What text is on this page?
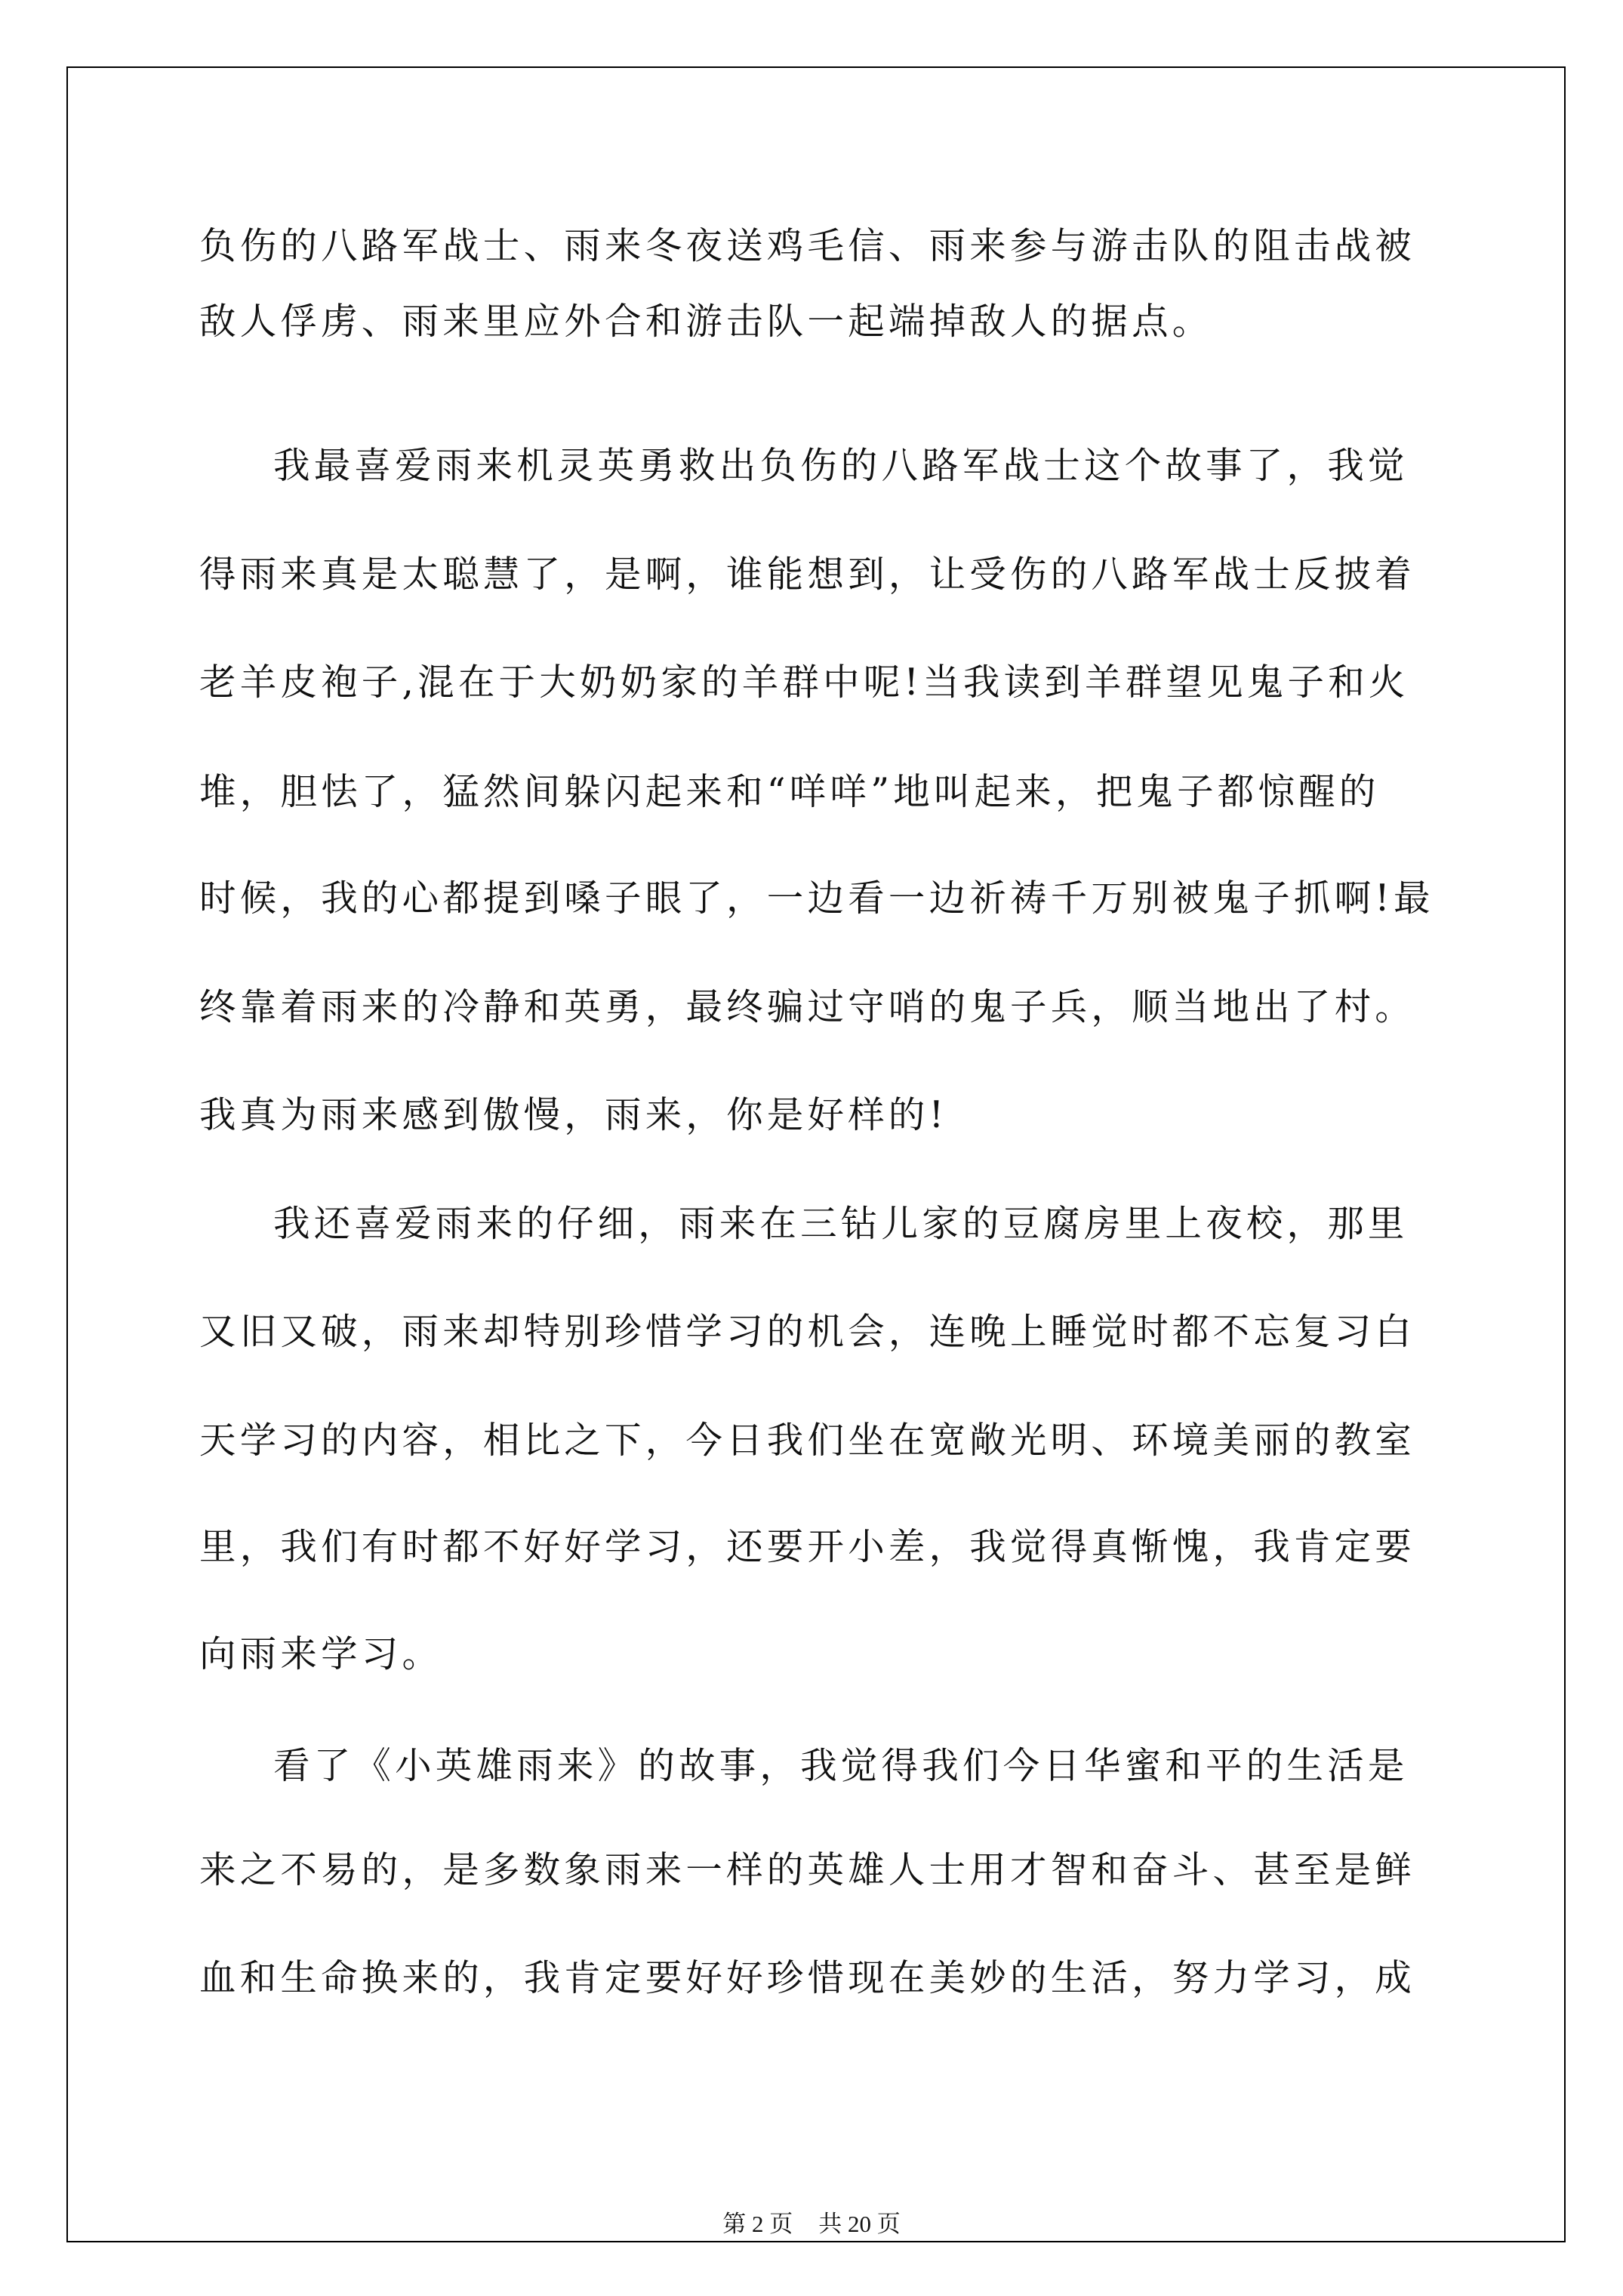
负伤的八路军战士、雨来冬夜送鸡毛信、雨来参与游击队的阻击战被
敌人俘虏、雨来里应外合和游击队一起端掉敌人的据点。
我最喜爱雨来机灵英勇救出负伤的八路军战士这个故事了，我觉
得雨来真是太聪慧了，是啊，谁能想到，让受伤的八路军战士反披着
老羊皮袍子,混在于大奶奶家的羊群中呢!当我读到羊群望见鬼子和火
堆，胆怯了，猛然间躲闪起来和“咩咩”地叫起来，把鬼子都惊醒的
时候，我的心都提到嗓子眼了，一边看一边祈祷千万别被鬼子抓啊!最
终靠着雨来的冷静和英勇，最终骗过守哨的鬼子兵，顺当地出了村。
我真为雨来感到傲慢，雨来，你是好样的!
我还喜爱雨来的仔细，雨来在三钻儿家的豆腐房里上夜校，那里
又旧又破，雨来却特别珍惜学习的机会，连晚上睡觉时都不忘复习白
天学习的内容，相比之下，今日我们坐在宽敞光明、环境美丽的教室
里，我们有时都不好好学习，还要开小差，我觉得真惭愧，我肯定要
向雨来学习。
看了《小英雄雨来》的故事，我觉得我们今日华蜜和平的生活是
来之不易的，是多数象雨来一样的英雄人士用才智和奋斗、甚至是鲜
血和生命换来的，我肯定要好好珍惜现在美妙的生活，努力学习，成
第 2 页 共 20 页
